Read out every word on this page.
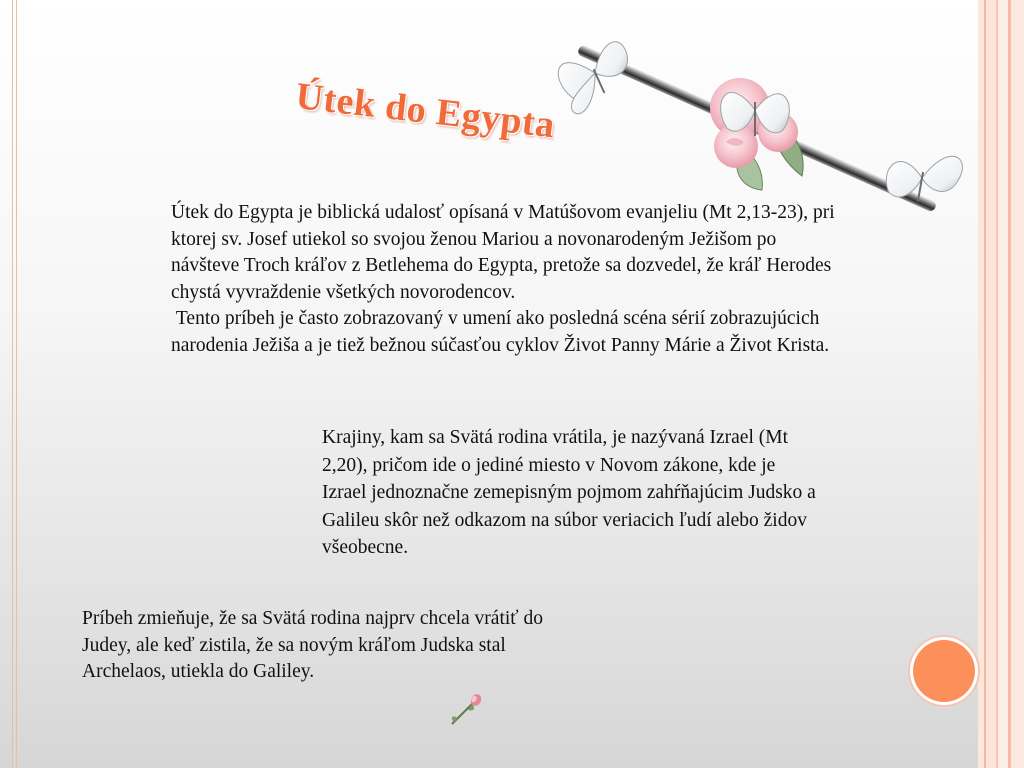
Útek do Egypta
Útek do Egypta je biblická udalosť opísaná v Matúšovom evanjeliu (Mt 2,13-23), pri ktorej sv. Josef utiekol so svojou ženou Mariou a novonarodeným Ježišom po návšteve Troch kráľov z Betlehema do Egypta, pretože sa dozvedel, že kráľ Herodes chystá vyvraždenie všetkých novorodencov.
Tento príbeh je často zobrazovaný v umení ako posledná scéna sérií zobrazujúcich narodenia Ježiša a je tiež bežnou súčasťou cyklov Život Panny Márie a Život Krista.
Krajiny, kam sa Svätá rodina vrátila, je nazývaná Izrael (Mt 2,20), pričom ide o jediné miesto v Novom zákone, kde je Izrael jednoznačne zemepisným pojmom zahŕňajúcim Judsko a Galileu skôr než odkazom na súbor veriacich ľudí alebo židov všeobecne.
Príbeh zmieňuje, že sa Svätá rodina najprv chcela vrátiť do Judey, ale keď zistila, že sa novým kráľom Judska stal Archelaos, utiekla do Galiley.
